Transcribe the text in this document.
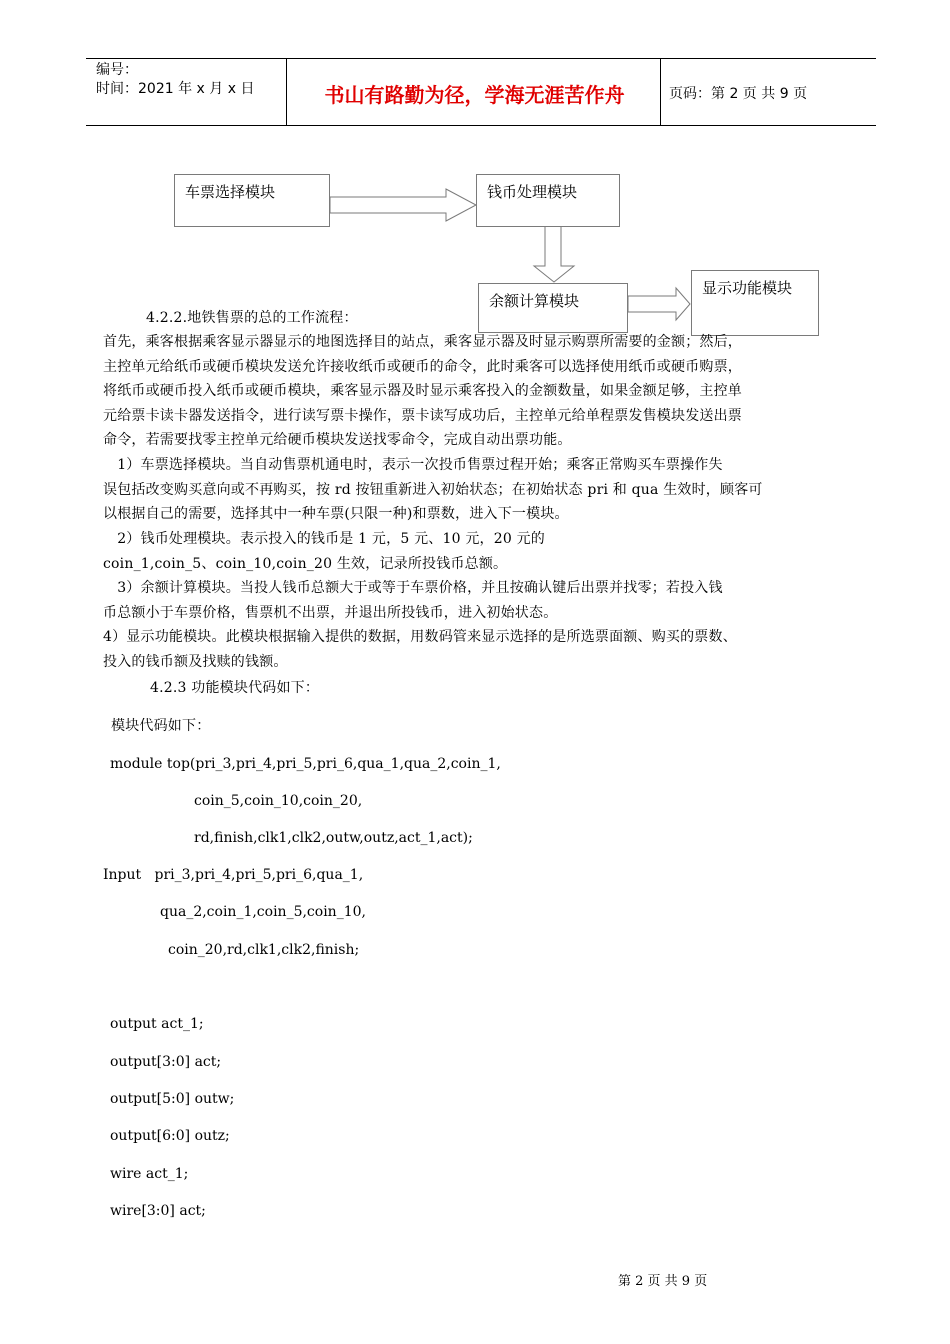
编号：
时间：2021 年 x 月 x 日	书山有路勤为径，学海无涯苦作舟	页码：第 2 页 共 9 页
车票选择模块	钱币处理模块
显示功能模块
4.2.2.地铁售票的总的工作流程：
首先，乘客根据乘客显示器显示的地图选择目的站点，乘客显示器及时显示购票所需要的金额；然后，
主控单元给纸币或硬币模块发送允许接收纸币或硬币的命令，此时乘客可以选择使用纸币或硬币购票，
将纸币或硬币投入纸币或硬币模块，乘客显示器及时显示乘客投入的金额数量，如果金额足够，主控单
元给票卡读卡器发送指令，进行读写票卡操作，票卡读写成功后，主控单元给单程票发售模块发送出票
命令，若需要找零主控单元给硬币模块发送找零命令，完成自动出票功能。
余额计算模块
　1）车票选择模块。当自动售票机通电时，表示一次投币售票过程开始；乘客正常购买车票操作失
误包括改变购买意向或不再购买，按 rd 按钮重新进入初始状态；在初始状态 pri 和 qua 生效时，顾客可
以根据自己的需要，选择其中一种车票(只限一种)和票数，进入下一模块。
　2）钱币处理模块。表示投入的钱币是 1 元，5 元、10 元，20 元的
coin_1,coin_5、coin_10,coin_20 生效，记录所投钱币总额。
　3）余额计算模块。当投人钱币总额大于或等于车票价格，并且按确认键后出票并找零；若投入钱
币总额小于车票价格，售票机不出票，并退出所投钱币，进入初始状态。
4）显示功能模块。此模块根据输入提供的数据，用数码管来显示选择的是所选票面额、购买的票数、
投入的钱币额及找赎的钱额。
4.2.3 功能模块代码如下：
模块代码如下：
module top(pri_3,pri_4,pri_5,pri_6,qua_1,qua_2,coin_1,
coin_5,coin_10,coin_20,
rd,finish,clk1,clk2,outw,outz,act_1,act);
Input   pri_3,pri_4,pri_5,pri_6,qua_1,
qua_2,coin_1,coin_5,coin_10,
coin_20,rd,clk1,clk2,finish;
output act_1;
output[3:0] act;
output[5:0] outw;
output[6:0] outz;
wire act_1;
wire[3:0] act;
第 2 页 共 9 页
